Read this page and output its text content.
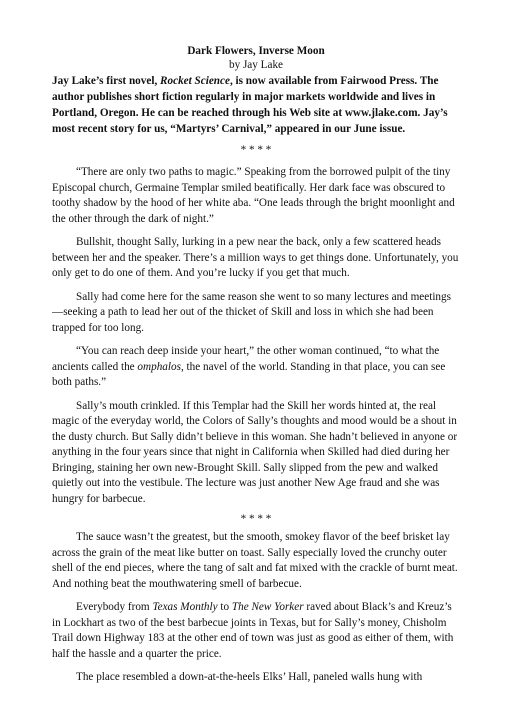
Dark Flowers, Inverse Moon
by Jay Lake

Jay Lake’s first novel, Rocket Science, is now available from Fairwood Press. The author publishes short fiction regularly in major markets worldwide and lives in Portland, Oregon. He can be reached through his Web site at www.jlake.com. Jay’s most recent story for us, “Martyrs’ Carnival,” appeared in our June issue.

* * * *

“There are only two paths to magic.” Speaking from the borrowed pulpit of the tiny Episcopal church, Germaine Templar smiled beatifically. Her dark face was obscured to toothy shadow by the hood of her white aba. “One leads through the bright moonlight and the other through the dark of night.”

Bullshit, thought Sally, lurking in a pew near the back, only a few scattered heads between her and the speaker. There’s a million ways to get things done. Unfortunately, you only get to do one of them. And you’re lucky if you get that much.

Sally had come here for the same reason she went to so many lectures and meetings—seeking a path to lead her out of the thicket of Skill and loss in which she had been trapped for too long.

“You can reach deep inside your heart,” the other woman continued, “to what the ancients called the omphalos, the navel of the world. Standing in that place, you can see both paths.”

Sally’s mouth crinkled. If this Templar had the Skill her words hinted at, the real magic of the everyday world, the Colors of Sally’s thoughts and mood would be a shout in the dusty church. But Sally didn’t believe in this woman. She hadn’t believed in anyone or anything in the four years since that night in California when Skilled had died during her Bringing, staining her own new-Brought Skill. Sally slipped from the pew and walked quietly out into the vestibule. The lecture was just another New Age fraud and she was hungry for barbecue.

* * * *

The sauce wasn’t the greatest, but the smooth, smokey flavor of the beef brisket lay across the grain of the meat like butter on toast. Sally especially loved the crunchy outer shell of the end pieces, where the tang of salt and fat mixed with the crackle of burnt meat. And nothing beat the mouthwatering smell of barbecue.

Everybody from Texas Monthly to The New Yorker raved about Black’s and Kreuz’s in Lockhart as two of the best barbecue joints in Texas, but for Sally’s money, Chisholm Trail down Highway 183 at the other end of town was just as good as either of them, with half the hassle and a quarter the price.

The place resembled a down-at-the-heels Elks’ Hall, paneled walls hung with
